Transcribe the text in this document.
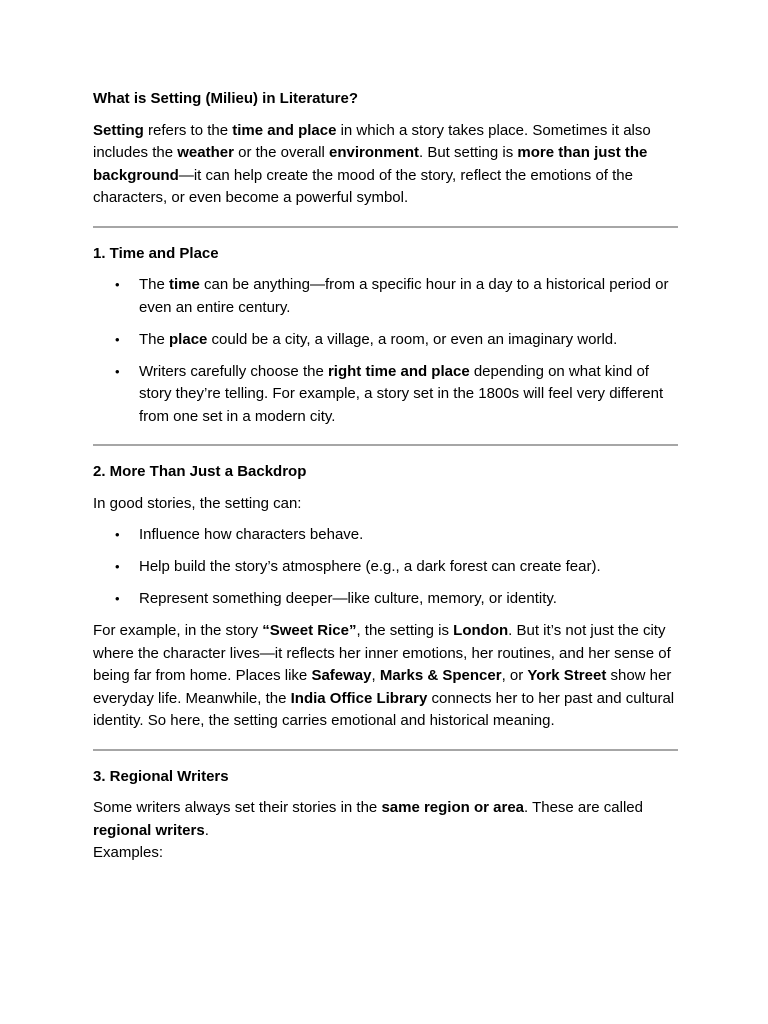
What is Setting (Milieu) in Literature?

Setting refers to the time and place in which a story takes place. Sometimes it also includes the weather or the overall environment. But setting is more than just the background—it can help create the mood of the story, reflect the emotions of the characters, or even become a powerful symbol.

1. Time and Place
• The time can be anything—from a specific hour in a day to a historical period or even an entire century.
• The place could be a city, a village, a room, or even an imaginary world.
• Writers carefully choose the right time and place depending on what kind of story they’re telling. For example, a story set in the 1800s will feel very different from one set in a modern city.
2. More Than Just a Backdrop

In good stories, the setting can:

• Influence how characters behave.
• Help build the story’s atmosphere (e.g., a dark forest can create fear).
• Represent something deeper—like culture, memory, or identity.

For example, in the story “Sweet Rice”, the setting is London. But it’s not just the city where the character lives—it reflects her inner emotions, her routines, and her sense of being far from home. Places like Safeway, Marks & Spencer, or York Street show her everyday life. Meanwhile, the India Office Library connects her to her past and cultural identity. So here, the setting carries emotional and historical meaning.

3. Regional Writers

Some writers always set their stories in the same region or area. These are called regional writers.

Examples:
